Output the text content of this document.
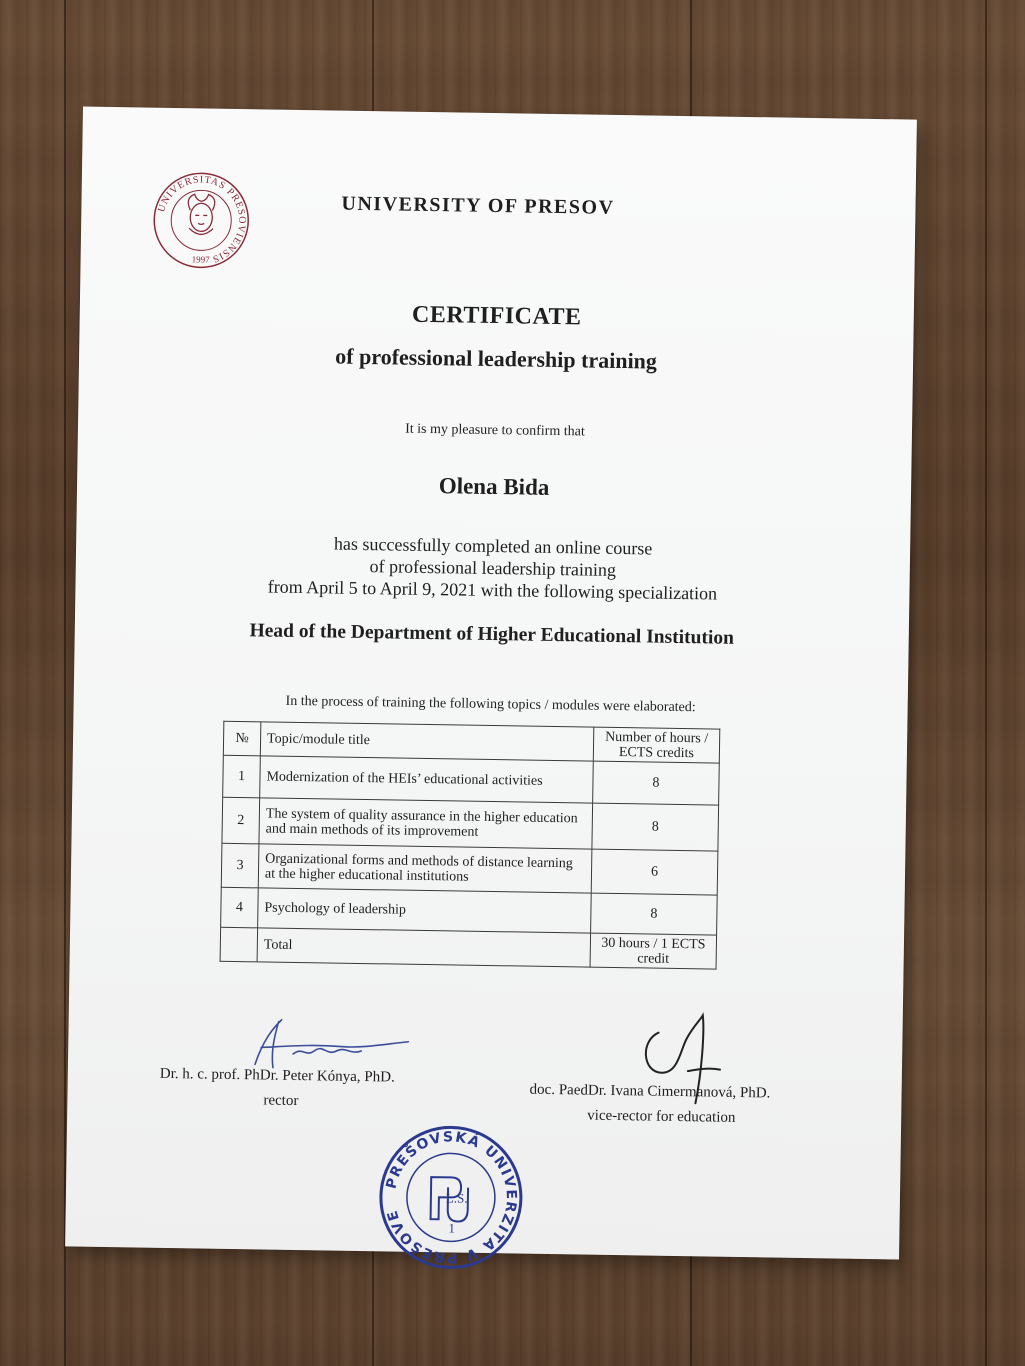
UNIVERSITAS PRESOVIENSIS
1997
UNIVERSITY OF PRESOV
CERTIFICATE
of professional leadership training
It is my pleasure to confirm that
Olena Bida
has successfully completed an online course
of professional leadership training
from April 5 to April 9, 2021 with the following specialization
Head of the Department of Higher Educational Institution
In the process of training the following topics / modules were elaborated:
№	Topic/module title	Number of hours / ECTS credits
1	Modernization of the HEIs’ educational activities	8
2	The system of quality assurance in the higher education and main methods of its improvement	8
3	Organizational forms and methods of distance learning at the higher educational institutions	6
4	Psychology of leadership	8
	Total	30 hours / 1 ECTS credit
Dr. h. c. prof. PhDr. Peter Kónya, PhD.
rector	doc. PaedDr. Ivana Cimermanová, PhD.
vice-rector for education
PREŠOVSKÁ UNIVERZITA V PREŠOVE
L.S.
1
